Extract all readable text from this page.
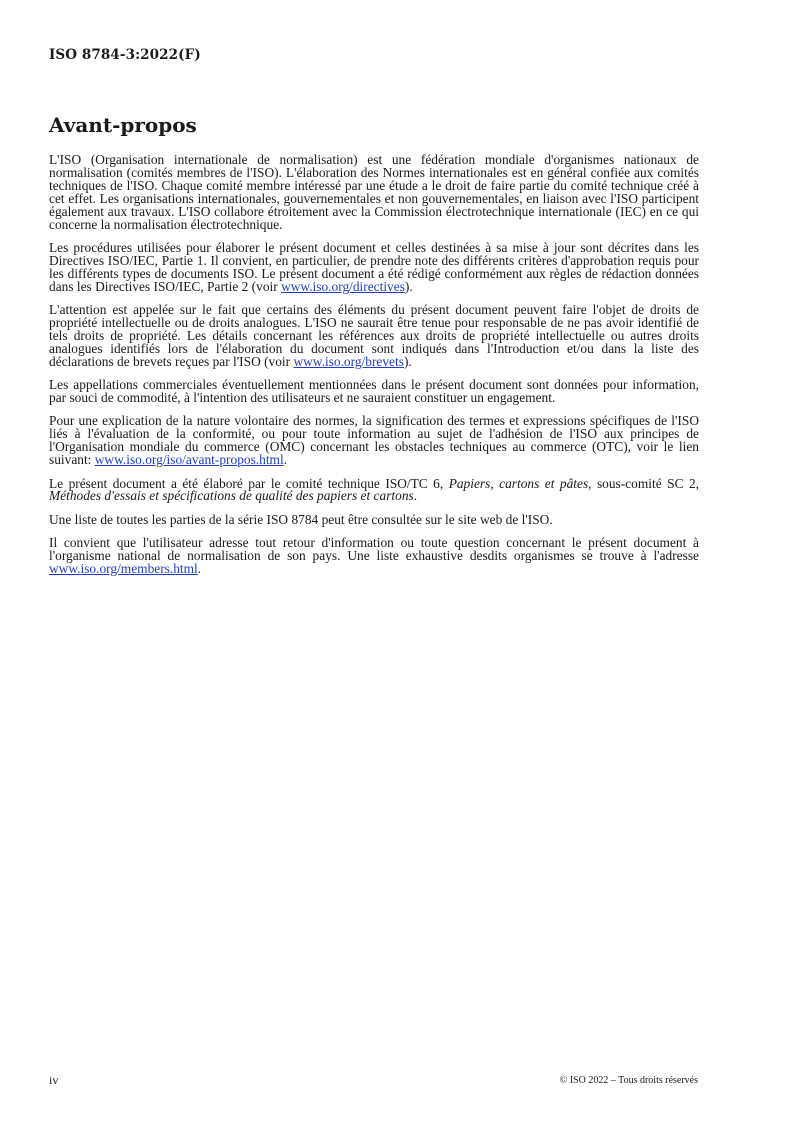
ISO 8784-3:2022(F)
Avant-propos

L'ISO (Organisation internationale de normalisation) est une fédération mondiale d'organismes nationaux de normalisation (comités membres de l'ISO). L'élaboration des Normes internationales est en général confiée aux comités techniques de l'ISO. Chaque comité membre intéressé par une étude a le droit de faire partie du comité technique créé à cet effet. Les organisations internationales, gouvernementales et non gouvernementales, en liaison avec l'ISO participent également aux travaux. L'ISO collabore étroitement avec la Commission électrotechnique internationale (IEC) en ce qui concerne la normalisation électrotechnique.

Les procédures utilisées pour élaborer le présent document et celles destinées à sa mise à jour sont décrites dans les Directives ISO/IEC, Partie 1. Il convient, en particulier, de prendre note des différents critères d'approbation requis pour les différents types de documents ISO. Le présent document a été rédigé conformément aux règles de rédaction données dans les Directives ISO/IEC, Partie 2 (voir www.iso.org/directives).

L'attention est appelée sur le fait que certains des éléments du présent document peuvent faire l'objet de droits de propriété intellectuelle ou de droits analogues. L'ISO ne saurait être tenue pour responsable de ne pas avoir identifié de tels droits de propriété. Les détails concernant les références aux droits de propriété intellectuelle ou autres droits analogues identifiés lors de l'élaboration du document sont indiqués dans l'Introduction et/ou dans la liste des déclarations de brevets reçues par l'ISO (voir www.iso.org/brevets).

Les appellations commerciales éventuellement mentionnées dans le présent document sont données pour information, par souci de commodité, à l'intention des utilisateurs et ne sauraient constituer un engagement.

Pour une explication de la nature volontaire des normes, la signification des termes et expressions spécifiques de l'ISO liés à l'évaluation de la conformité, ou pour toute information au sujet de l'adhésion de l'ISO aux principes de l'Organisation mondiale du commerce (OMC) concernant les obstacles techniques au commerce (OTC), voir le lien suivant: www.iso.org/iso/avant-propos.html.

Le présent document a été élaboré par le comité technique ISO/TC 6, Papiers, cartons et pâtes, sous-comité SC 2, Méthodes d'essais et spécifications de qualité des papiers et cartons.

Une liste de toutes les parties de la série ISO 8784 peut être consultée sur le site web de l'ISO.

Il convient que l'utilisateur adresse tout retour d'information ou toute question concernant le présent document à l'organisme national de normalisation de son pays. Une liste exhaustive desdits organismes se trouve à l'adresse www.iso.org/members.html.

iv	© ISO 2022 – Tous droits réservés
